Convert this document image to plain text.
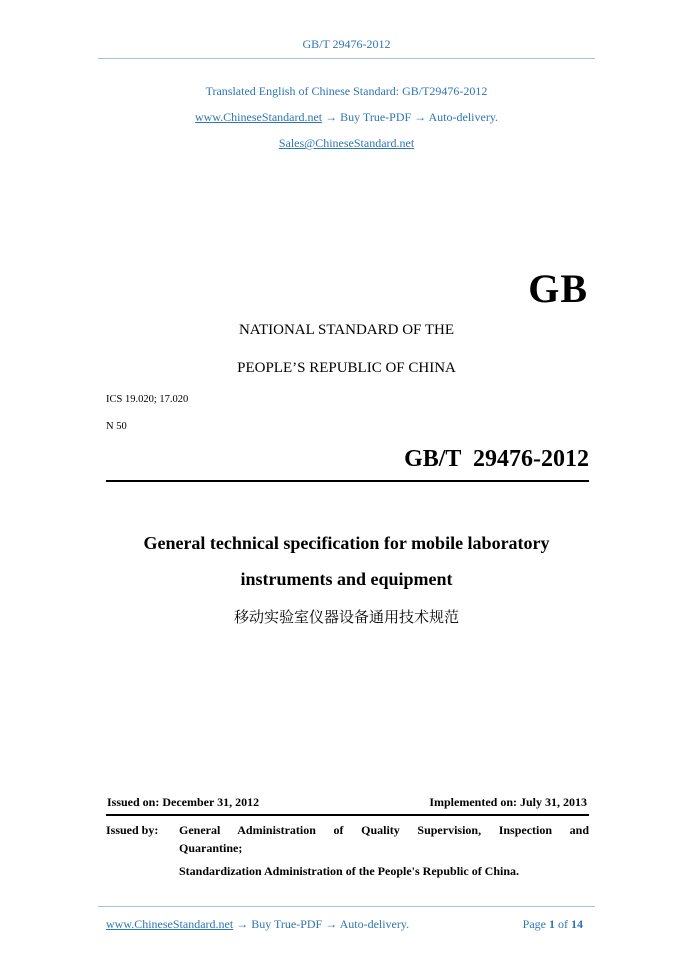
GB/T 29476-2012
Translated English of Chinese Standard: GB/T29476-2012
www.ChineseStandard.net → Buy True-PDF → Auto-delivery.
Sales@ChineseStandard.net
GB
NATIONAL STANDARD OF THE
PEOPLE’S REPUBLIC OF CHINA
ICS 19.020; 17.020
N 50
GB/T 29476-2012
General technical specification for mobile laboratory
instruments and equipment
移动实验室仪器设备通用技术规范
Issued on: December 31, 2012	Implemented on: July 31, 2013
Issued by: General Administration of Quality Supervision, Inspection and
Quarantine;
Standardization Administration of the People's Republic of China.
www.ChineseStandard.net → Buy True-PDF → Auto-delivery.	Page 1 of 14
